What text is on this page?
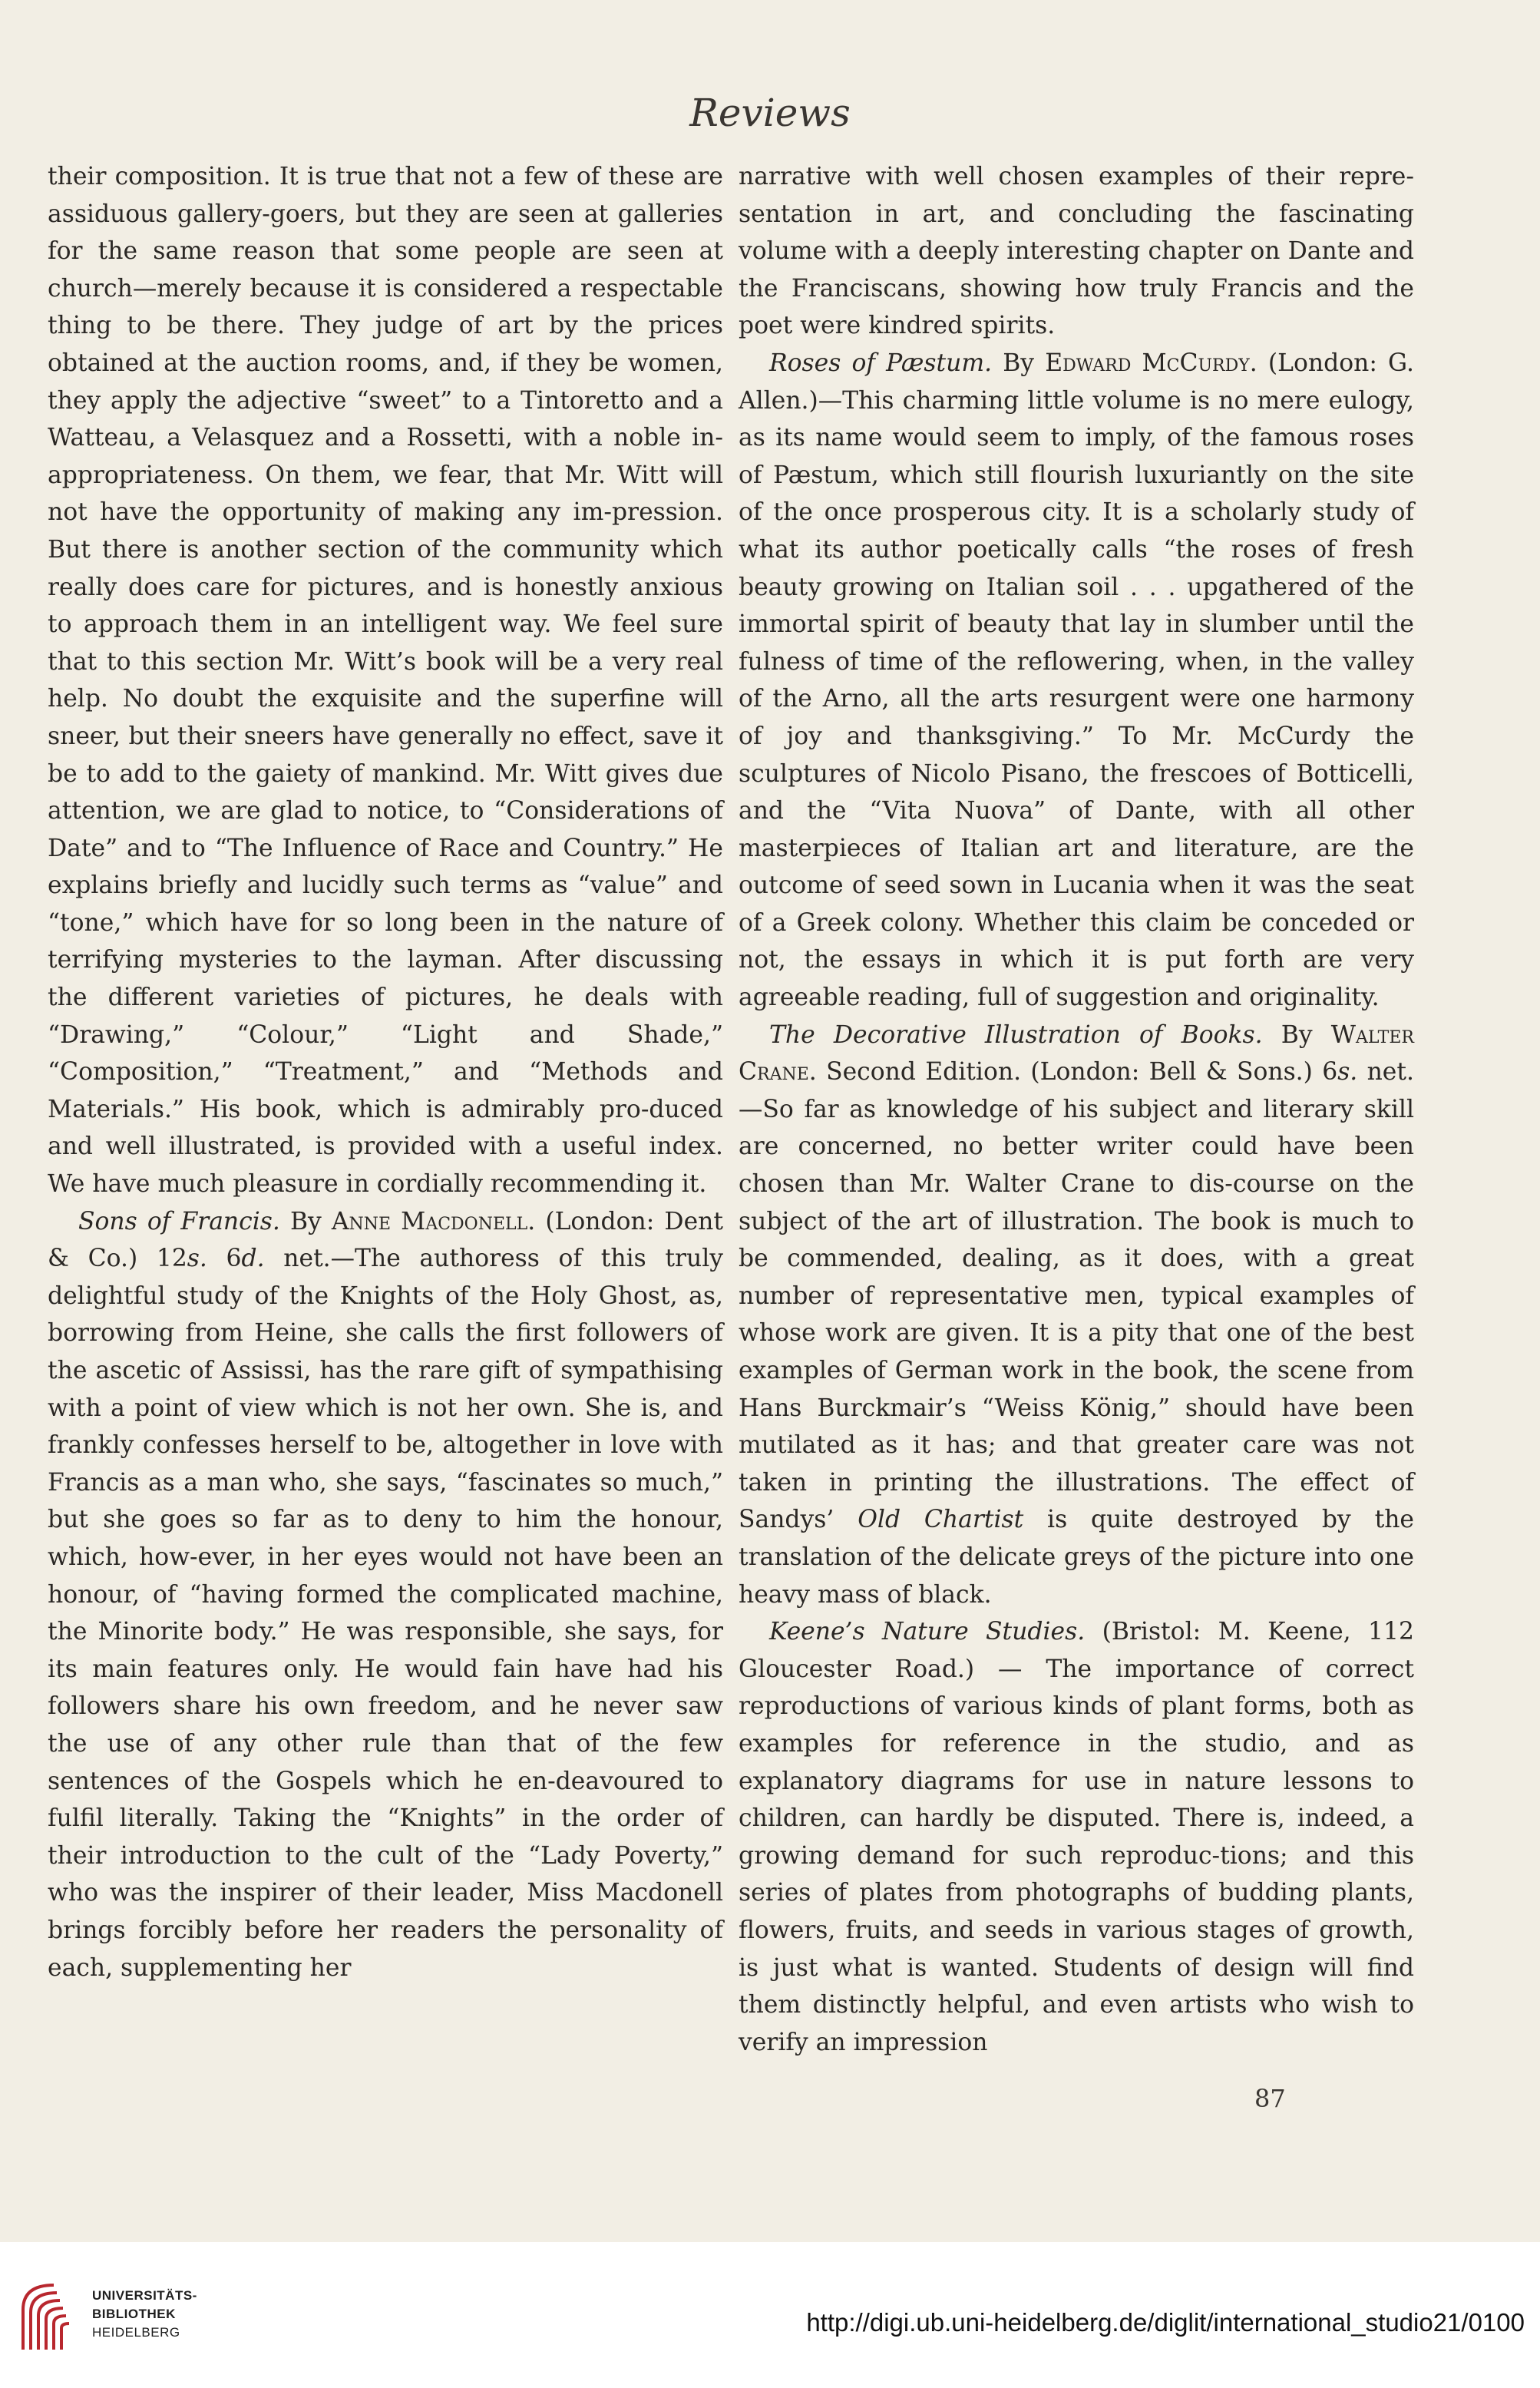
Reviews

their composition. It is true that not a few of these are assiduous gallery-goers, but they are seen at galleries for the same reason that some people are seen at church—merely because it is considered a respectable thing to be there. They judge of art by the prices obtained at the auction rooms, and, if they be women, they apply the adjective “sweet” to a Tintoretto and a Watteau, a Velasquez and a Rossetti, with a noble in-appropriateness. On them, we fear, that Mr. Witt will not have the opportunity of making any im-pression. But there is another section of the community which really does care for pictures, and is honestly anxious to approach them in an intelligent way. We feel sure that to this section Mr. Witt’s book will be a very real help. No doubt the exquisite and the superfine will sneer, but their sneers have generally no effect, save it be to add to the gaiety of mankind. Mr. Witt gives due attention, we are glad to notice, to “Considerations of Date” and to “The Influence of Race and Country.” He explains briefly and lucidly such terms as “value” and “tone,” which have for so long been in the nature of terrifying mysteries to the layman. After discussing the different varieties of pictures, he deals with “Drawing,” “Colour,” “Light and Shade,” “Composition,” “Treatment,” and “Methods and Materials.” His book, which is admirably pro-duced and well illustrated, is provided with a useful index. We have much pleasure in cordially recommending it.

Sons of Francis. By Anne Macdonell. (London: Dent & Co.) 12s. 6d. net.—The authoress of this truly delightful study of the Knights of the Holy Ghost, as, borrowing from Heine, she calls the first followers of the ascetic of Assissi, has the rare gift of sympathising with a point of view which is not her own. She is, and frankly confesses herself to be, altogether in love with Francis as a man who, she says, “fascinates so much,” but she goes so far as to deny to him the honour, which, how-ever, in her eyes would not have been an honour, of “having formed the complicated machine, the Minorite body.” He was responsible, she says, for its main features only. He would fain have had his followers share his own freedom, and he never saw the use of any other rule than that of the few sentences of the Gospels which he en-deavoured to fulfil literally. Taking the “Knights” in the order of their introduction to the cult of the “Lady Poverty,” who was the inspirer of their leader, Miss Macdonell brings forcibly before her readers the personality of each, supplementing her

narrative with well chosen examples of their repre-sentation in art, and concluding the fascinating volume with a deeply interesting chapter on Dante and the Franciscans, showing how truly Francis and the poet were kindred spirits.

Roses of Pæstum. By Edward McCurdy. (London: G. Allen.)—This charming little volume is no mere eulogy, as its name would seem to imply, of the famous roses of Pæstum, which still flourish luxuriantly on the site of the once prosperous city. It is a scholarly study of what its author poetically calls “the roses of fresh beauty growing on Italian soil . . . upgathered of the immortal spirit of beauty that lay in slumber until the fulness of time of the reflowering, when, in the valley of the Arno, all the arts resurgent were one harmony of joy and thanksgiving.” To Mr. McCurdy the sculptures of Nicolo Pisano, the frescoes of Botticelli, and the “Vita Nuova” of Dante, with all other masterpieces of Italian art and literature, are the outcome of seed sown in Lucania when it was the seat of a Greek colony. Whether this claim be conceded or not, the essays in which it is put forth are very agreeable reading, full of suggestion and originality.

The Decorative Illustration of Books. By Walter Crane. Second Edition. (London: Bell & Sons.) 6s. net.—So far as knowledge of his subject and literary skill are concerned, no better writer could have been chosen than Mr. Walter Crane to dis-course on the subject of the art of illustration. The book is much to be commended, dealing, as it does, with a great number of representative men, typical examples of whose work are given. It is a pity that one of the best examples of German work in the book, the scene from Hans Burckmair’s “Weiss König,” should have been mutilated as it has; and that greater care was not taken in printing the illustrations. The effect of Sandys’ Old Chartist is quite destroyed by the translation of the delicate greys of the picture into one heavy mass of black.

Keene’s Nature Studies. (Bristol: M. Keene, 112 Gloucester Road.) — The importance of correct reproductions of various kinds of plant forms, both as examples for reference in the studio, and as explanatory diagrams for use in nature lessons to children, can hardly be disputed. There is, indeed, a growing demand for such reproduc-tions; and this series of plates from photographs of budding plants, flowers, fruits, and seeds in various stages of growth, is just what is wanted. Students of design will find them distinctly helpful, and even artists who wish to verify an impression

87
UNIVERSITÄTS-
BIBLIOTHEK
HEIDELBERG	http://digi.ub.uni-heidelberg.de/diglit/international_studio21/0100
